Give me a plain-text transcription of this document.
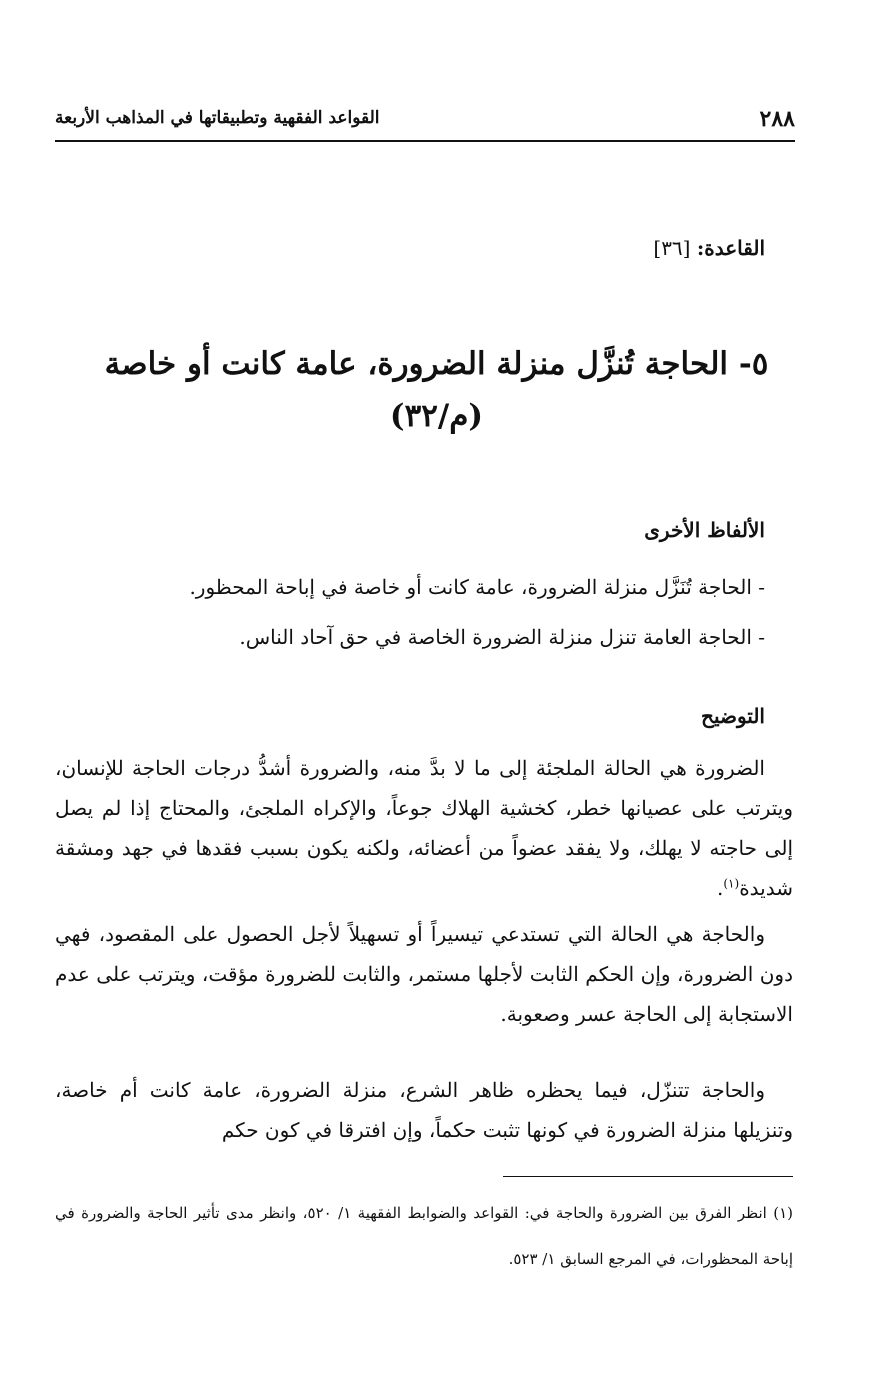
٢٨٨
القواعد الفقهية وتطبيقاتها في المذاهب الأربعة
القاعدة: [٣٦]
٥- الحاجة تُنزَّل منزلة الضرورة، عامة كانت أو خاصة
(م/٣٢)
الألفاظ الأخرى
- الحاجة تُنَزَّل منزلة الضرورة، عامة كانت أو خاصة في إباحة المحظور.
- الحاجة العامة تنزل منزلة الضرورة الخاصة في حق آحاد الناس.
التوضيح

الضرورة هي الحالة الملجئة إلى ما لا بدَّ منه، والضرورة أشدُّ درجات الحاجة للإنسان، ويترتب على عصيانها خطر، كخشية الهلاك جوعاً، والإكراه الملجئ، والمحتاج إذا لم يصل إلى حاجته لا يهلك، ولا يفقد عضواً من أعضائه، ولكنه يكون بسبب فقدها في جهد ومشقة شديدة$^{(١)}$.

والحاجة هي الحالة التي تستدعي تيسيراً أو تسهيلاً لأجل الحصول على المقصود، فهي دون الضرورة، وإن الحكم الثابت لأجلها مستمر، والثابت للضرورة مؤقت، ويترتب على عدم الاستجابة إلى الحاجة عسر وصعوبة.

والحاجة تتنزّل، فيما يحظره ظاهر الشرع، منزلة الضرورة، عامة كانت أم خاصة، وتنزيلها منزلة الضرورة في كونها تثبت حكماً، وإن افترقا في كون حكم

(١) انظر الفرق بين الضرورة والحاجة في: القواعد والضوابط الفقهية ١/ ٥٢٠، وانظر مدى تأثير الحاجة والضرورة في إباحة المحظورات، في المرجع السابق ١/ ٥٢٣.
